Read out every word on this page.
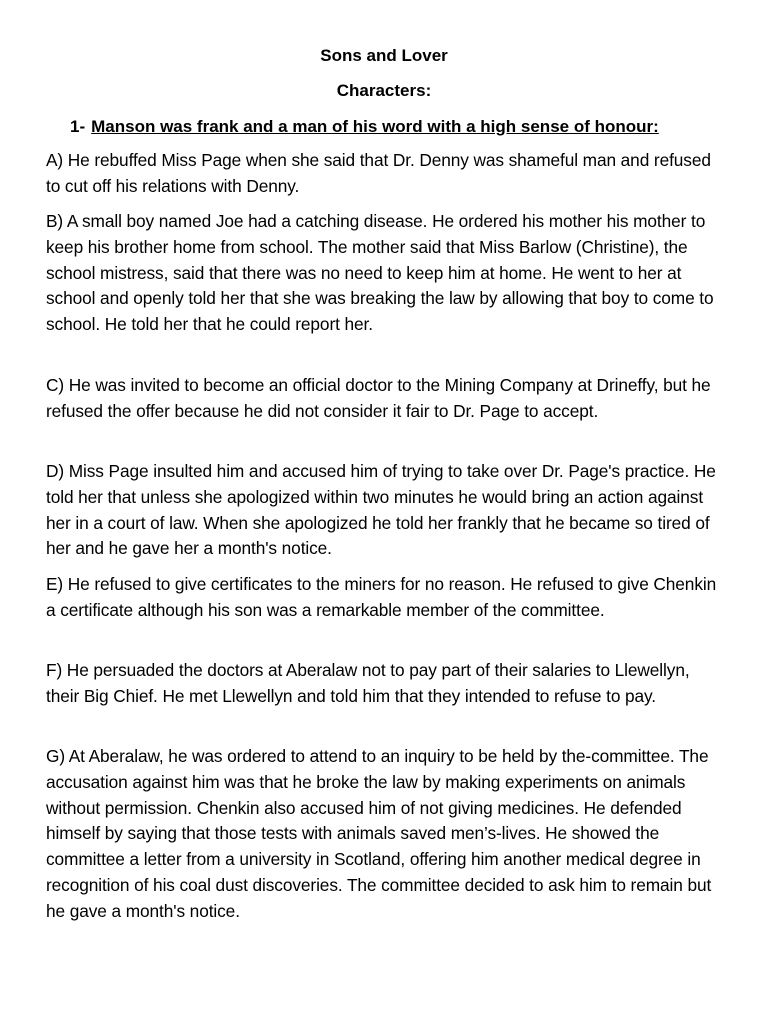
Sons and Lover

Characters:

1- Manson was frank and a man of his word with a high sense of honour:

A) He rebuffed Miss Page when she said that Dr. Denny was shameful man and refused to cut off his relations with Denny.

B) A small boy named Joe had a catching disease. He ordered his mother his mother to keep his brother home from school. The mother said that Miss Barlow (Christine), the school mistress, said that there was no need to keep him at home. He went to her at school and openly told her that she was breaking the law by allowing that boy to come to school. He told her that he could report her.

C) He was invited to become an official doctor to the Mining Company at Drineffy, but he refused the offer because he did not consider it fair to Dr. Page to accept.

D) Miss Page insulted him and accused him of trying to take over Dr. Page's practice. He told her that unless she apologized within two minutes he would bring an action against her in a court of law. When she apologized he told her frankly that he became so tired of her and he gave her a month's notice.

E) He refused to give certificates to the miners for no reason. He refused to give Chenkin a certificate although his son was a remarkable member of the committee.

F) He persuaded the doctors at Aberalaw not to pay part of their salaries to Llewellyn, their Big Chief. He met Llewellyn and told him that they intended to refuse to pay.

G) At Aberalaw, he was ordered to attend to an inquiry to be held by the-committee. The accusation against him was that he broke the law by making experiments on animals without permission. Chenkin also accused him of not giving medicines. He defended himself by saying that those tests with animals saved men’s-lives. He showed the committee a letter from a university in Scotland, offering him another medical degree in recognition of his coal dust discoveries. The committee decided to ask him to remain but he gave a month's notice.
